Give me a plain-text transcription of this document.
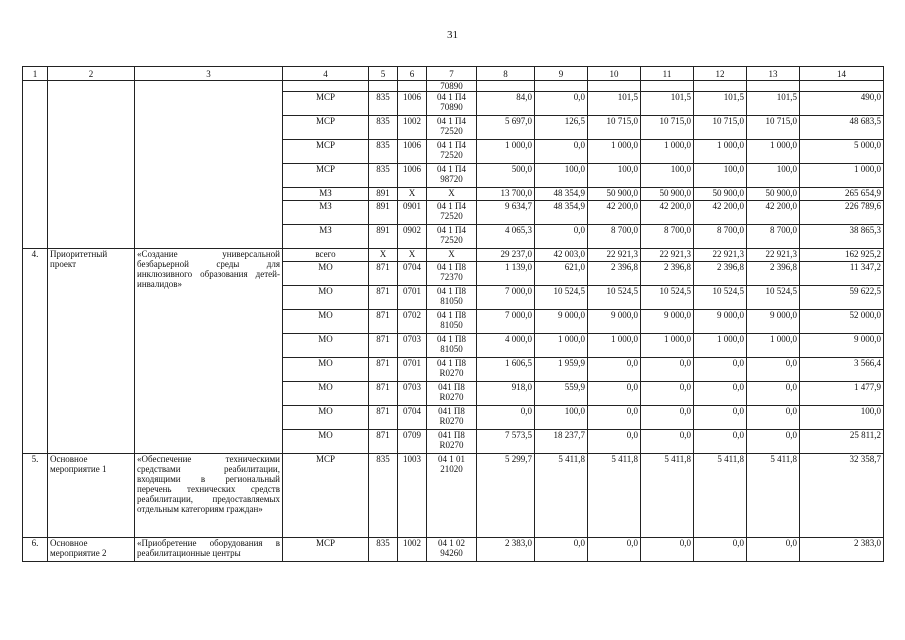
31
1	2	3	4	5	6	7	8	9	10	11	12	13	14
						70890							
			МСР	835	1006	04 1 П4 70890	84,0	0,0	101,5	101,5	101,5	101,5	490,0
			МСР	835	1002	04 1 П4 72520	5 697,0	126,5	10 715,0	10 715,0	10 715,0	10 715,0	48 683,5
			МСР	835	1006	04 1 П4 72520	1 000,0	0,0	1 000,0	1 000,0	1 000,0	1 000,0	5 000,0
			МСР	835	1006	04 1 П4 98720	500,0	100,0	100,0	100,0	100,0	100,0	1 000,0
			МЗ	891	Х	Х	13 700,0	48 354,9	50 900,0	50 900,0	50 900,0	50 900,0	265 654,9
			МЗ	891	0901	04 1 П4 72520	9 634,7	48 354,9	42 200,0	42 200,0	42 200,0	42 200,0	226 789,6
			МЗ	891	0902	04 1 П4 72520	4 065,3	0,0	8 700,0	8 700,0	8 700,0	8 700,0	38 865,3
4.	Приоритетный проект	«Создание универсальной безбарьерной среды для инклюзивного образования детей-инвалидов»	всего	Х	Х	Х	29 237,0	42 003,0	22 921,3	22 921,3	22 921,3	22 921,3	162 925,2
			МО	871	0704	04 1 П8 72370	1 139,0	621,0	2 396,8	2 396,8	2 396,8	2 396,8	11 347,2
			МО	871	0701	04 1 П8 81050	7 000,0	10 524,5	10 524,5	10 524,5	10 524,5	10 524,5	59 622,5
			МО	871	0702	04 1 П8 81050	7 000,0	9 000,0	9 000,0	9 000,0	9 000,0	9 000,0	52 000,0
			МО	871	0703	04 1 П8 81050	4 000,0	1 000,0	1 000,0	1 000,0	1 000,0	1 000,0	9 000,0
			МО	871	0701	04 1 П8 R0270	1 606,5	1 959,9	0,0	0,0	0,0	0,0	3 566,4
			МО	871	0703	041 П8 R0270	918,0	559,9	0,0	0,0	0,0	0,0	1 477,9
			МО	871	0704	041 П8 R0270	0,0	100,0	0,0	0,0	0,0	0,0	100,0
			МО	871	0709	041 П8 R0270	7 573,5	18 237,7	0,0	0,0	0,0	0,0	25 811,2
5.	Основное мероприятие 1	«Обеспечение техническими средствами реабилитации, входящими в региональный перечень технических средств реабилитации, предоставляемых отдельным категориям граждан»	МСР	835	1003	04 1 01 21020	5 299,7	5 411,8	5 411,8	5 411,8	5 411,8	5 411,8	32 358,7
6.	Основное мероприятие 2	«Приобретение оборудования в реабилитационные центры	МСР	835	1002	04 1 02 94260	2 383,0	0,0	0,0	0,0	0,0	0,0	2 383,0
